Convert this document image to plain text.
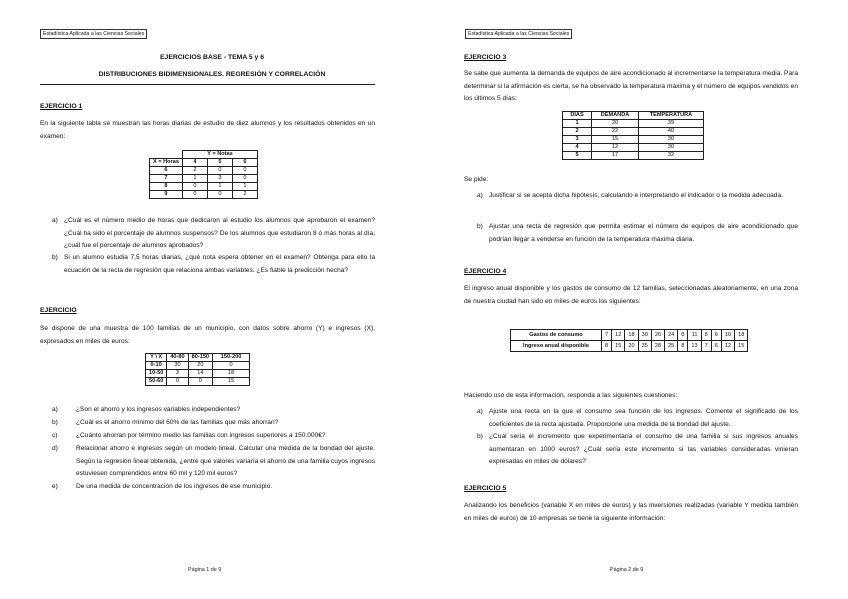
Estadística Aplicada a las Ciencias Sociales
EJERCICIOS BASE - TEMA 5 y 6
DISTRIBUCIONES BIDIMENSIONALES. REGRESIÓN Y CORRELACIÓN
EJERCICIO 1
En la siguiente tabla se muestran las horas diarias de estudio de diez alumnos y los resultados obtenidos en un examen:
	Y = Notas		
X = Horas	4	5	6
6	2	0	0
7	1	3	0
8	0	1	1
9	0	0	2
a) ¿Cuál es el número medio de horas que dedicaron al estudio los alumnos que aprobaron el examen? ¿Cuál ha sido el porcentaje de alumnos suspensos? De los alumnos que estudiaron 8 ó más horas al día, ¿cuál fue el porcentaje de alumnos aprobados?
b) Si un alumno estudia 7,5 horas diarias, ¿qué nota espera obtener en el examen? Obtenga para ello la ecuación de la recta de regresión que relaciona ambas variables. ¿Es fiable la predicción hecha?
EJERCICIO
Se dispone de una muestra de 100 familias de un municipio, con datos sobre ahorro (Y) e ingresos (X), expresados en miles de euros:
Y \ X	40-80	80-150	150-200
0-10	30	20	0
10-50	3	14	18
50-60	0	0	15
a)	¿Son el ahorro y los ingresos variables independientes?
b)	¿Cuál es el ahorro mínimo del 60% de las familias que más ahorran?
c)	¿Cuánto ahorran por término medio las familias con ingresos superiores a 150.000€?
d)	Relacionar ahorro e ingresos según un modelo lineal. Calcular una medida de la bondad del ajuste. Según la regresión lineal obtenida, ¿entre qué valores variaría el ahorro de una familia cuyos ingresos estuviesen comprendidos entre 60 mil y 120 mil euros?
e)	De una medida de concentración de los ingresos de ese municipio.
Página 1 de 9
Estadística Aplicada a las Ciencias Sociales
EJERCICIO 3
Se sabe que aumenta la demanda de equipos de aire acondicionado al incrementarse la temperatura media. Para determinar si la afirmación es cierta, se ha observado la temperatura máxima y el número de equipos vendidos en los últimos 5 días:
DÍAS	DEMANDA	TEMPERATURA
1	20	39
2	22	40
3	15	30
4	12	30
5	17	32
Se pide:
a) Justificar si se acepta dicha hipótesis, calculando e interpretando el indicador o la medida adecuada.
b) Ajustar una recta de regresión que permita estimar el número de equipos de aire acondicionado que podrían llegar a venderse en función de la temperatura máxima diaria.
EJERCICIO 4
El ingreso anual disponible y los gastos de consumo de 12 familias, seleccionadas aleatoriamente, en una zona de nuestra ciudad han sido en miles de euros los siguientes:
Gastos de consumo	7	12	18	30	20	24	8	11	8	6	10	18
Ingreso anual disponible	8	15	20	35	28	25	8	13	7	6	12	15
Haciendo uso de esta información, responda a las siguientes cuestiones:
a) Ajuste una recta en la que el consumo sea función de los ingresos. Comente el significado de los coeficientes de la recta ajustada. Proporcione una medida de la bondad del ajuste.
b) ¿Cuál sería el incremento que experimentaría el consumo de una familia si sus ingresos anuales aumentaran en 1000 euros? ¿Cuál sería este incremento si las variables consideradas vinieran expresadas en miles de dólares?
EJERCICIO 5
Analizando los beneficios (variable X en miles de euros) y las inversiones realizadas (variable Y medida también en miles de euros) de 10 empresas se tiene la siguiente información:
Página 2 de 9
